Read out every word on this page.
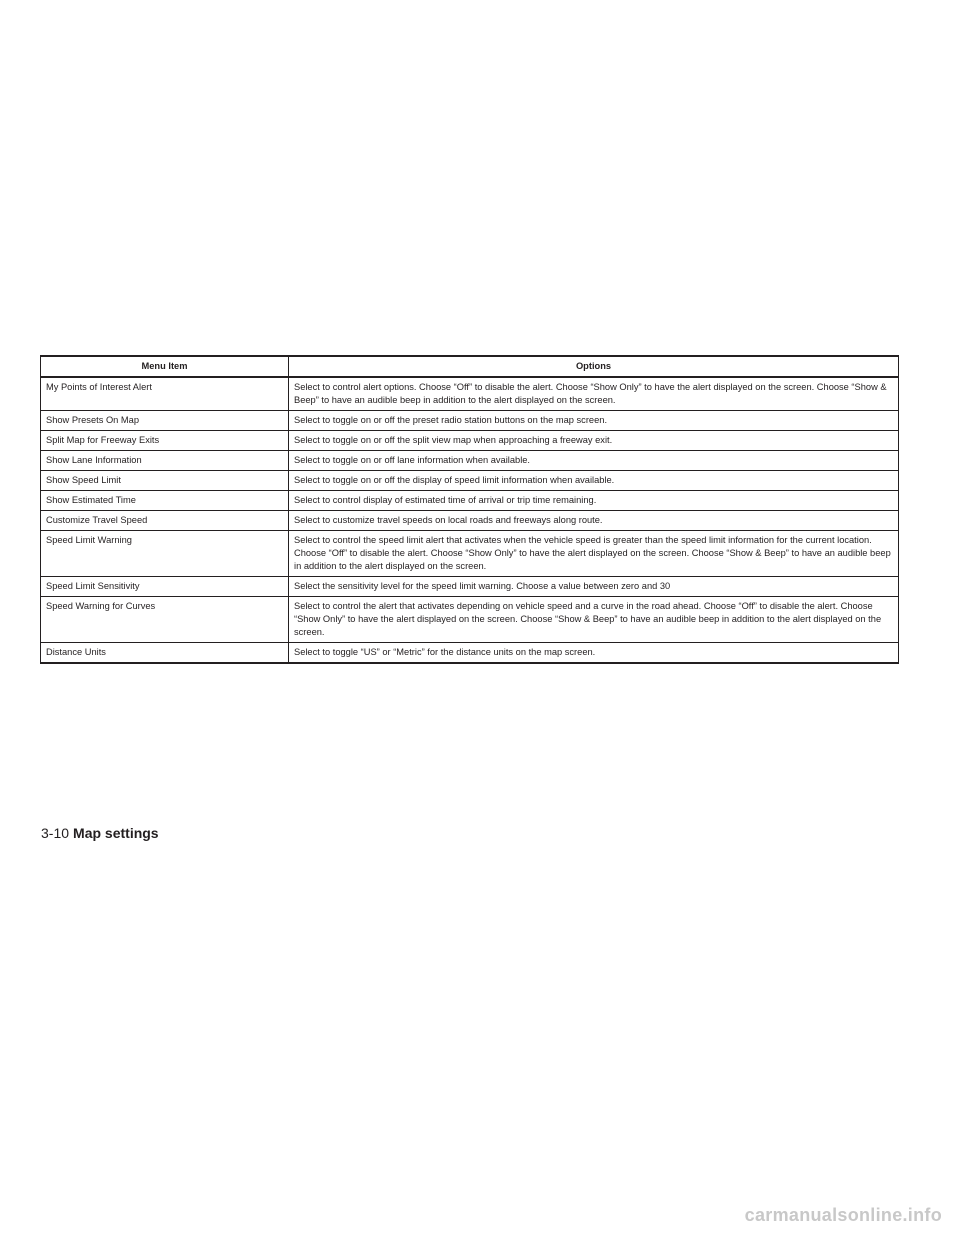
Menu Item	Options
My Points of Interest Alert	Select to control alert options. Choose “Off” to disable the alert. Choose “Show Only” to have the alert displayed on the screen. Choose “Show & Beep” to have an audible beep in addition to the alert displayed on the screen.
Show Presets On Map	Select to toggle on or off the preset radio station buttons on the map screen.
Split Map for Freeway Exits	Select to toggle on or off the split view map when approaching a freeway exit.
Show Lane Information	Select to toggle on or off lane information when available.
Show Speed Limit	Select to toggle on or off the display of speed limit information when available.
Show Estimated Time	Select to control display of estimated time of arrival or trip time remaining.
Customize Travel Speed	Select to customize travel speeds on local roads and freeways along route.
Speed Limit Warning	Select to control the speed limit alert that activates when the vehicle speed is greater than the speed limit information for the current location. Choose “Off” to disable the alert. Choose “Show Only” to have the alert displayed on the screen. Choose “Show & Beep” to have an audible beep in addition to the alert displayed on the screen.
Speed Limit Sensitivity	Select the sensitivity level for the speed limit warning. Choose a value between zero and 30
Speed Warning for Curves	Select to control the alert that activates depending on vehicle speed and a curve in the road ahead. Choose “Off” to disable the alert. Choose “Show Only” to have the alert displayed on the screen. Choose “Show & Beep” to have an audible beep in addition to the alert displayed on the screen.
Distance Units	Select to toggle “US” or “Metric” for the distance units on the map screen.
3-10 Map settings
carmanualsonline.info
